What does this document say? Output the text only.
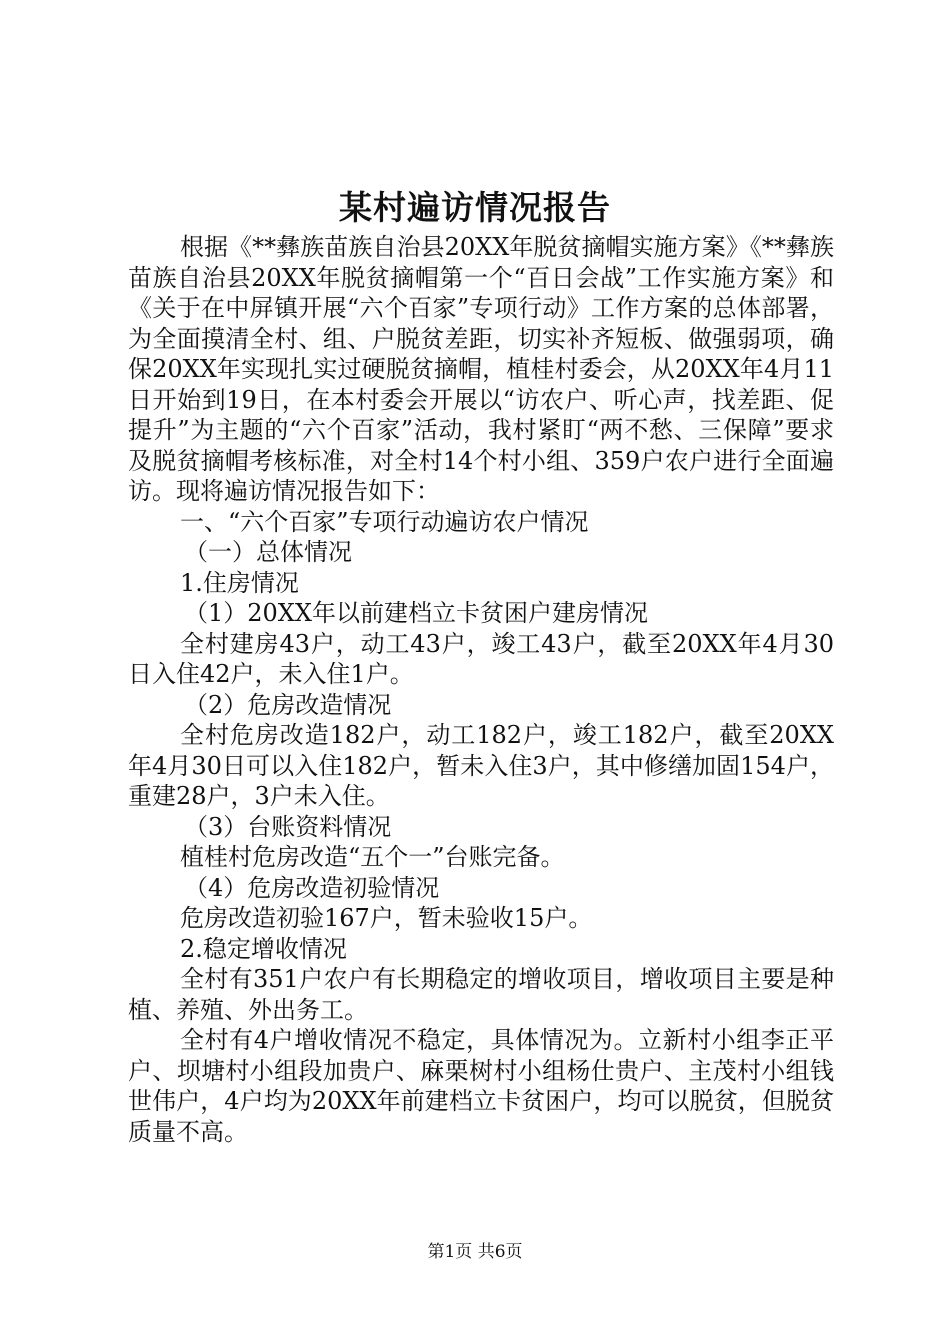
某村遍访情况报告

根据《**彝族苗族自治县20XX年脱贫摘帽实施方案》《**彝族苗族自治县20XX年脱贫摘帽第一个“百日会战”工作实施方案》和《关于在中屏镇开展“六个百家”专项行动》工作方案的总体部署，为全面摸清全村、组、户脱贫差距，切实补齐短板、做强弱项，确保20XX年实现扎实过硬脱贫摘帽，植桂村委会，从20XX年4月11日开始到19日，在本村委会开展以“访农户、听心声，找差距、促提升”为主题的“六个百家”活动，我村紧盯“两不愁、三保障”要求及脱贫摘帽考核标准，对全村14个村小组、359户农户进行全面遍访。现将遍访情况报告如下：

一、“六个百家”专项行动遍访农户情况

（一）总体情况

1.住房情况

（1）20XX年以前建档立卡贫困户建房情况

全村建房43户，动工43户，竣工43户，截至20XX年4月30日入住42户，未入住1户。

（2）危房改造情况

全村危房改造182户，动工182户，竣工182户，截至20XX年4月30日可以入住182户，暂未入住3户，其中修缮加固154户，重建28户，3户未入住。

（3）台账资料情况

植桂村危房改造“五个一”台账完备。

（4）危房改造初验情况

危房改造初验167户，暂未验收15户。

2.稳定增收情况

全村有351户农户有长期稳定的增收项目，增收项目主要是种植、养殖、外出务工。

全村有4户增收情况不稳定，具体情况为。立新村小组李正平户、坝塘村小组段加贵户、麻栗树村小组杨仕贵户、主茂村小组钱世伟户，4户均为20XX年前建档立卡贫困户，均可以脱贫，但脱贫质量不高。

第1页 共6页
